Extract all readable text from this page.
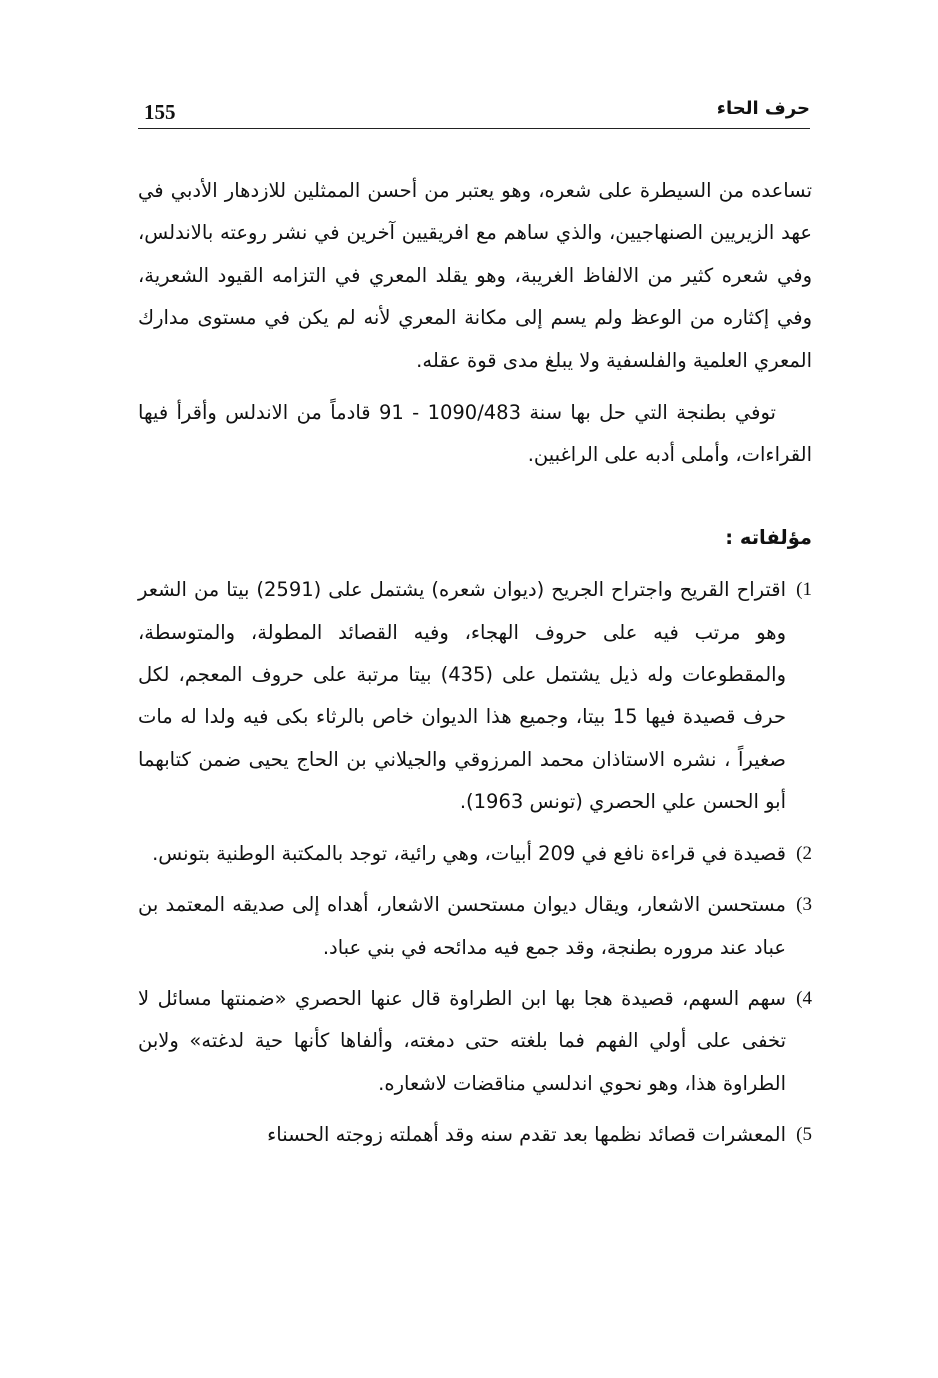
155	حرف الحاء

تساعده من السيطرة على شعره، وهو يعتبر من أحسن الممثلين للازدهار الأدبي في عهد الزيريين الصنهاجيين، والذي ساهم مع افريقيين آخرين في نشر روعته بالاندلس، وفي شعره كثير من الالفاظ الغريبة، وهو يقلد المعري في التزامه القيود الشعرية، وفي إكثاره من الوعظ ولم يسم إلى مكانة المعري لأنه لم يكن في مستوى مدارك المعري العلمية والفلسفية ولا يبلغ مدى قوة عقله.

توفي بطنجة التي حل بها سنة 1090/483 - 91 قادماً من الاندلس وأقرأ فيها القراءات، وأملى أدبه على الراغبين.

مؤلفاته :

1)
اقتراح القريح واجتراح الجريح (ديوان شعره) يشتمل على (2591) بيتا من الشعر وهو مرتب فيه على حروف الهجاء، وفيه القصائد المطولة، والمتوسطة، والمقطوعات وله ذيل يشتمل على (435) بيتا مرتبة على حروف المعجم، لكل حرف قصيدة فيها 15 بيتا، وجميع هذا الديوان خاص بالرثاء بكى فيه ولدا له مات صغيراً ، نشره الاستاذان محمد المرزوقي والجيلاني بن الحاج يحيى ضمن كتابهما أبو الحسن علي الحصري (تونس 1963).
2)
قصيدة في قراءة نافع في 209 أبيات، وهي رائية، توجد بالمكتبة الوطنية بتونس.
3)
مستحسن الاشعار، ويقال ديوان مستحسن الاشعار، أهداه إلى صديقه المعتمد بن عباد عند مروره بطنجة، وقد جمع فيه مدائحه في بني عباد.
4)
سهم السهم، قصيدة هجا بها ابن الطراوة قال عنها الحصري «ضمنتها مسائل لا تخفى على أولي الفهم فما بلغته حتى دمغته، وألفاها كأنها حية لدغته» ولابن الطراوة هذا، وهو نحوي اندلسي مناقضات لاشعاره.
5)
المعشرات قصائد نظمها بعد تقدم سنه وقد أهملته زوجته الحسناء
